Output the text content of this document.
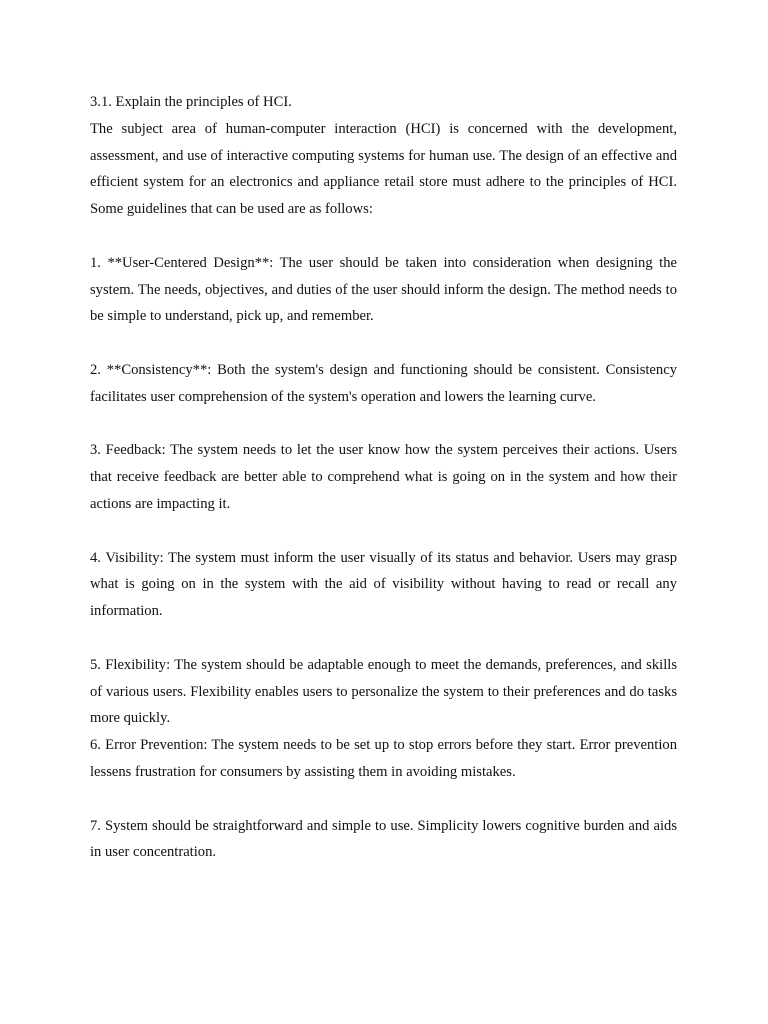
3.1. Explain the principles of HCI.

The subject area of human-computer interaction (HCI) is concerned with the development, assessment, and use of interactive computing systems for human use. The design of an effective and efficient system for an electronics and appliance retail store must adhere to the principles of HCI. Some guidelines that can be used are as follows:

1. **User-Centered Design**: The user should be taken into consideration when designing the system. The needs, objectives, and duties of the user should inform the design. The method needs to be simple to understand, pick up, and remember.

2. **Consistency**: Both the system's design and functioning should be consistent. Consistency facilitates user comprehension of the system's operation and lowers the learning curve.

3. Feedback: The system needs to let the user know how the system perceives their actions. Users that receive feedback are better able to comprehend what is going on in the system and how their actions are impacting it.

4. Visibility: The system must inform the user visually of its status and behavior. Users may grasp what is going on in the system with the aid of visibility without having to read or recall any information.

5. Flexibility: The system should be adaptable enough to meet the demands, preferences, and skills of various users. Flexibility enables users to personalize the system to their preferences and do tasks more quickly.

6. Error Prevention: The system needs to be set up to stop errors before they start. Error prevention lessens frustration for consumers by assisting them in avoiding mistakes.

7. System should be straightforward and simple to use. Simplicity lowers cognitive burden and aids in user concentration.
